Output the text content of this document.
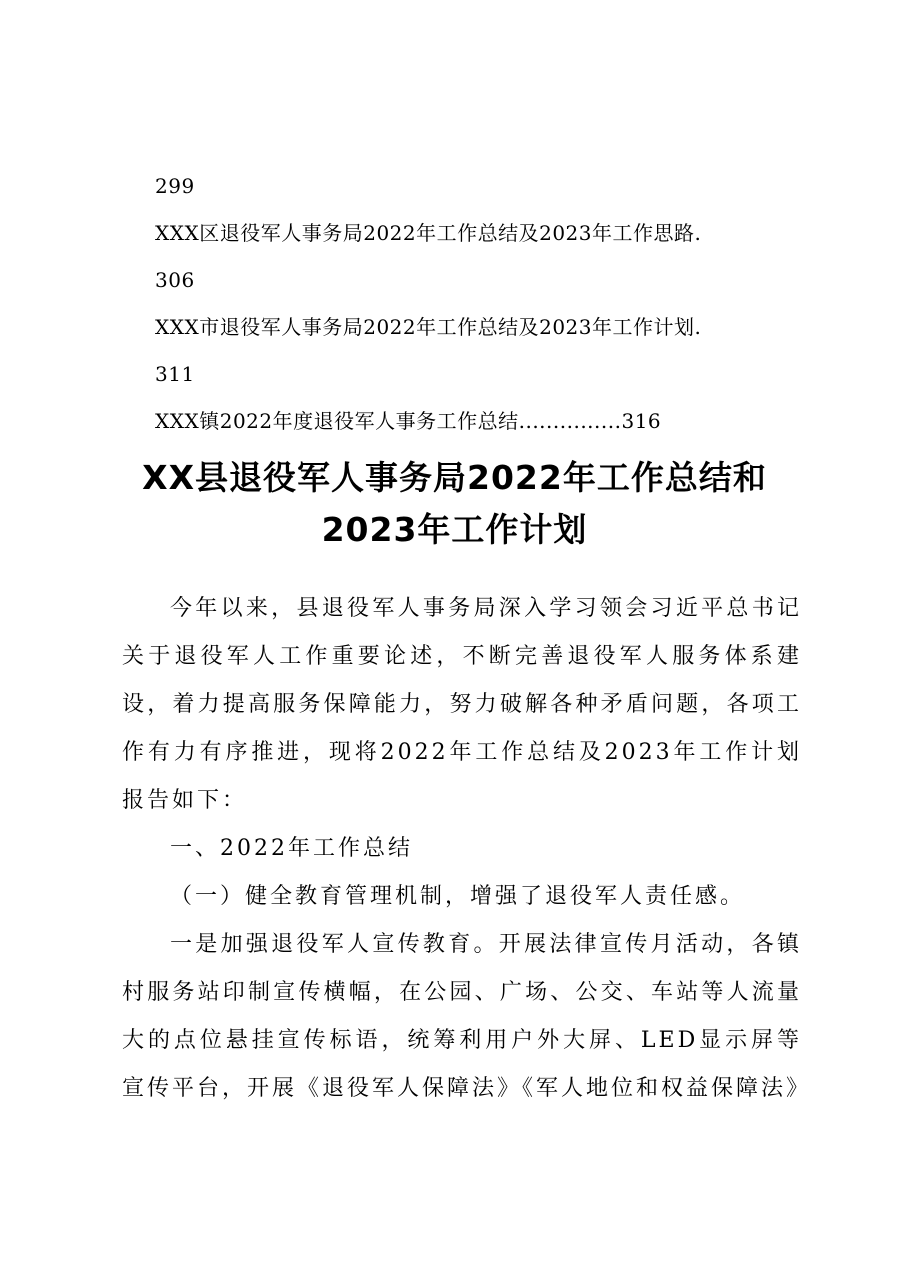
299
XXX区退役军人事务局2022年工作总结及2023年工作思路.
306
XXX市退役军人事务局2022年工作总结及2023年工作计划.
311
XXX镇2022年度退役军人事务工作总结...............316
XX县退役军人事务局2022年工作总结和2023年工作计划

今年以来，县退役军人事务局深入学习领会习近平总书记关于退役军人工作重要论述，不断完善退役军人服务体系建设，着力提高服务保障能力，努力破解各种矛盾问题，各项工作有力有序推进，现将2022年工作总结及2023年工作计划报告如下：

一、2022年工作总结

（一）健全教育管理机制，增强了退役军人责任感。

一是加强退役军人宣传教育。开展法律宣传月活动，各镇村服务站印制宣传横幅，在公园、广场、公交、车站等人流量大的点位悬挂宣传标语，统筹利用户外大屏、LED显示屏等宣传平台，开展《退役军人保障法》《军人地位和权益保障法》
